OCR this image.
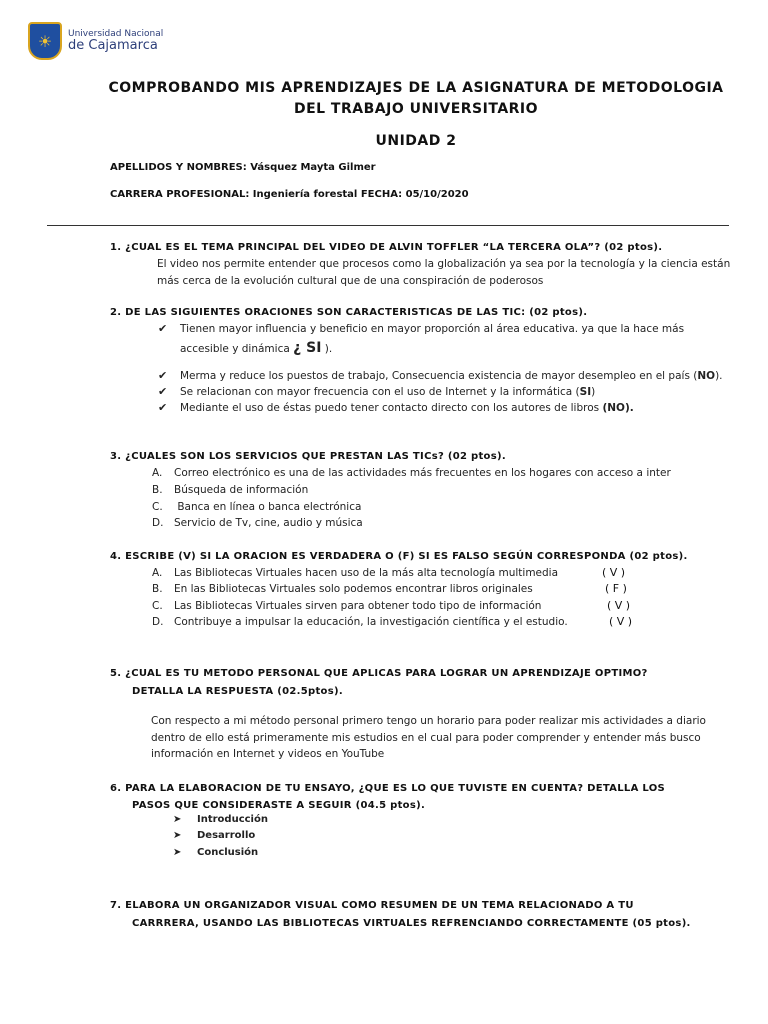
☀ Universidad Nacional
de Cajamarca
COMPROBANDO MIS APRENDIZAJES DE LA ASIGNATURA DE METODOLOGIA
DEL TRABAJO UNIVERSITARIO
UNIDAD 2
APELLIDOS Y NOMBRES: Vásquez Mayta Gilmer
CARRERA PROFESIONAL: Ingeniería forestal FECHA: 05/10/2020
1. ¿CUAL ES EL TEMA PRINCIPAL DEL VIDEO DE ALVIN TOFFLER “LA TERCERA OLA”? (02 ptos).
El video nos permite entender que procesos como la globalización ya sea por la tecnología y la ciencia están
más cerca de la evolución cultural que de una conspiración de poderosos
2. DE LAS SIGUIENTES ORACIONES SON CARACTERISTICAS DE LAS TIC: (02 ptos).
✔ Tienen mayor influencia y beneficio en mayor proporción al área educativa. ya que la hace más
accesible y dinámica ¿ SI ).
✔ Merma y reduce los puestos de trabajo, Consecuencia existencia de mayor desempleo en el país (NO).
✔ Se relacionan con mayor frecuencia con el uso de Internet y la informática (SI)
✔ Mediante el uso de éstas puedo tener contacto directo con los autores de libros (NO).
3. ¿CUALES SON LOS SERVICIOS QUE PRESTAN LAS TICs? (02 ptos).
A. Correo electrónico es una de las actividades más frecuentes en los hogares con acceso a inter
B. Búsqueda de información
C. Banca en línea o banca electrónica
D. Servicio de Tv, cine, audio y música
4. ESCRIBE (V) SI LA ORACION ES VERDADERA O (F) SI ES FALSO SEGÚN CORRESPONDA (02 ptos).
A. Las Bibliotecas Virtuales hacen uso de la más alta tecnología multimedia	( V )
B. En las Bibliotecas Virtuales solo podemos encontrar libros originales	( F )
C. Las Bibliotecas Virtuales sirven para obtener todo tipo de información	( V )
D. Contribuye a impulsar la educación, la investigación científica y el estudio.	( V )
5. ¿CUAL ES TU METODO PERSONAL QUE APLICAS PARA LOGRAR UN APRENDIZAJE OPTIMO?
DETALLA LA RESPUESTA (02.5ptos).
Con respecto a mi método personal primero tengo un horario para poder realizar mis actividades a diario
dentro de ello está primeramente mis estudios en el cual para poder comprender y entender más busco
información en Internet y videos en YouTube
6. PARA LA ELABORACION DE TU ENSAYO, ¿QUE ES LO QUE TUVISTE EN CUENTA? DETALLA LOS
PASOS QUE CONSIDERASTE A SEGUIR (04.5 ptos).
➤ Introducción
➤ Desarrollo
➤ Conclusión
7. ELABORA UN ORGANIZADOR VISUAL COMO RESUMEN DE UN TEMA RELACIONADO A TU
CARRRERA, USANDO LAS BIBLIOTECAS VIRTUALES REFRENCIANDO CORRECTAMENTE (05 ptos).
